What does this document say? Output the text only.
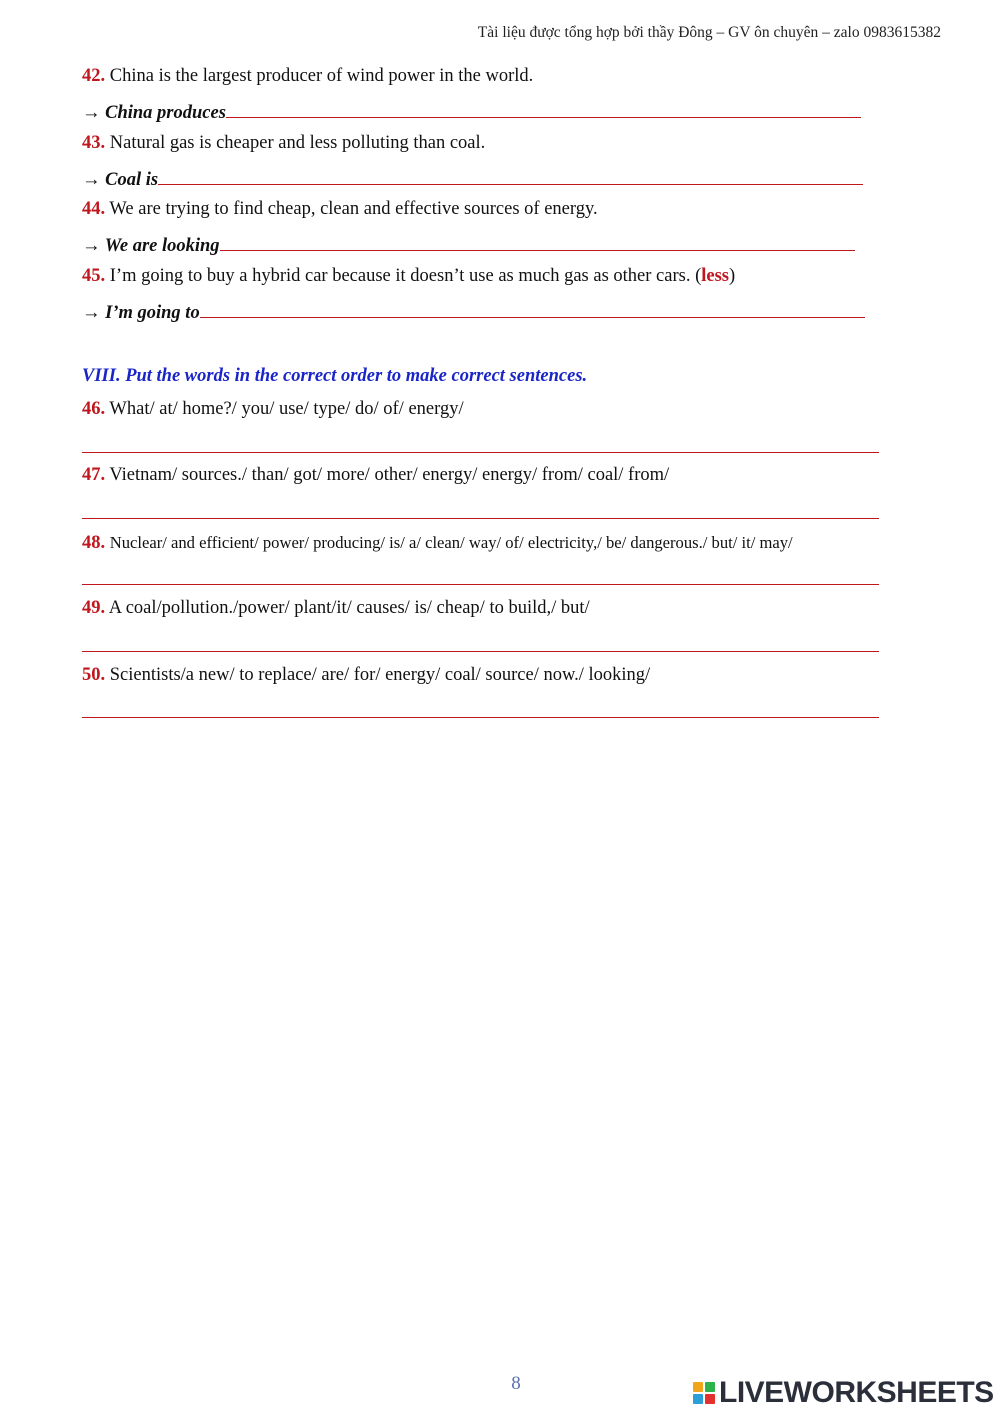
Tài liệu được tổng hợp bởi thầy Đông – GV ôn chuyên – zalo 0983615382
42. China is the largest producer of wind power in the world.
→ China produces
43. Natural gas is cheaper and less polluting than coal.
→ Coal is
44. We are trying to find cheap, clean and effective sources of energy.
→ We are looking
45. I’m going to buy a hybrid car because it doesn’t use as much gas as other cars. (less)
→ I’m going to
VIII. Put the words in the correct order to make correct sentences.
46. What/ at/ home?/ you/ use/ type/ do/ of/ energy/
47. Vietnam/ sources./ than/ got/ more/ other/ energy/ energy/ from/ coal/ from/
48. Nuclear/ and efficient/ power/ producing/ is/ a/ clean/ way/ of/ electricity,/ be/ dangerous./ but/ it/ may/
49. A coal/pollution./power/ plant/it/ causes/ is/ cheap/ to build,/ but/
50. Scientists/a new/ to replace/ are/ for/ energy/ coal/ source/ now./ looking/
8	LIVEWORKSHEETS
